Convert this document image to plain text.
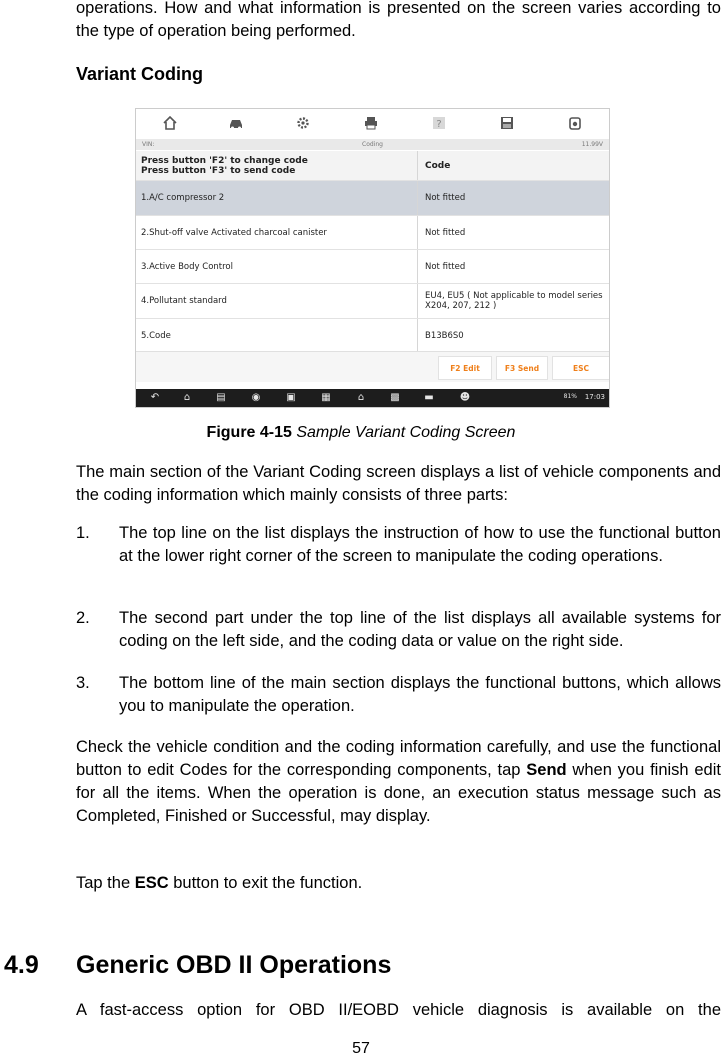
operations. How and what information is presented on the screen varies according to the type of operation being performed.

Variant Coding
?
VIN:	Coding	11.99V
Press button 'F2' to change code
Press button 'F3' to send code	Code
1.A/C compressor 2	Not fitted
2.Shut-off valve Activated charcoal canister	Not fitted
3.Active Body Control	Not fitted
4.Pollutant standard	EU4, EU5 ( Not applicable to model series X204, 207, 212 )
5.Code	B13B6S0
F2 Edit	F3 Send	ESC
↶	⌂	▤	◉	▣	▦	⌂	▩ ▬	☻	81% 17:03
Figure 4-15 Sample Variant Coding Screen

The main section of the Variant Coding screen displays a list of vehicle components and the coding information which mainly consists of three parts:

1. The top line on the list displays the instruction of how to use the functional button at the lower right corner of the screen to manipulate the coding operations.
2. The second part under the top line of the list displays all available systems for coding on the left side, and the coding data or value on the right side.
3. The bottom line of the main section displays the functional buttons, which allows you to manipulate the operation.

Check the vehicle condition and the coding information carefully, and use the functional button to edit Codes for the corresponding components, tap Send when you finish edit for all the items. When the operation is done, an execution status message such as Completed, Finished or Successful, may display.

Tap the ESC button to exit the function.

4.9 Generic OBD II Operations

A fast-access option for OBD II/EOBD vehicle diagnosis is available on the

57
